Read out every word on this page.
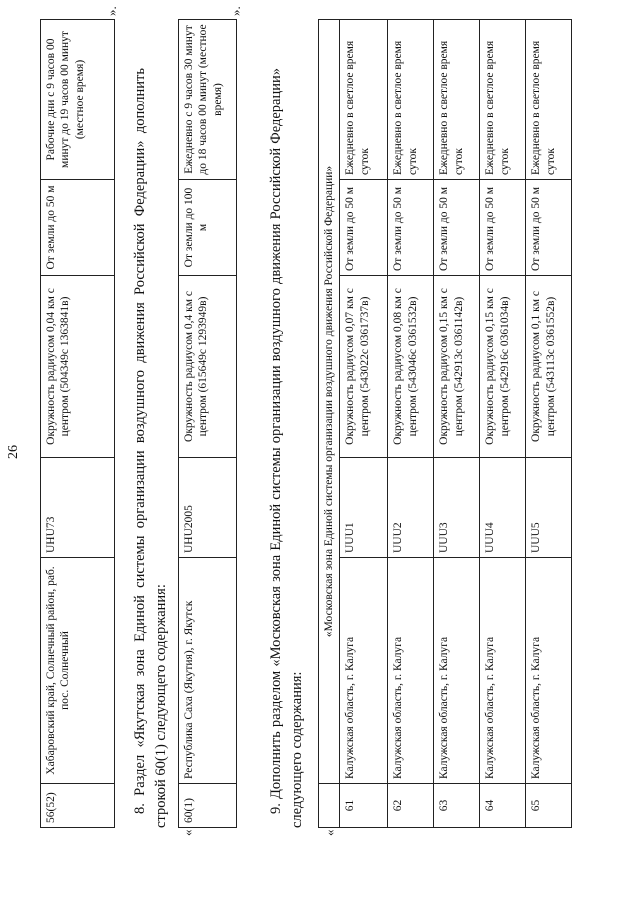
26
56(52)	Хабаровский край, Солнечный район, раб. пос. Солнечный	UHU73	Окружность радиусом 0,04 км с центром (504349с 1363841в)	От земли до 50 м	Рабочие дни с 9 часов 00 минут до 19 часов 00 минут (местное время)
».
8. Раздел «Якутская зона Единой системы организации воздушного движения Российской Федерации» дополнить строкой 60(1) следующего содержания:
«
60(1)	Республика Саха (Якутия), г. Якутск	UHU2005	Окружность радиусом 0,4 км с центром (615649с 1293949в)	От земли до 100 м	Ежедневно с 9 часов 30 минут до 18 часов 00 минут (местное время)
».
9. Дополнить разделом «Московская зона Единой системы организации воздушного движения Российской Федерации» следующего содержания:
«
	«Московская зона Единой системы организации воздушного движения Российской Федерации»				
61	Калужская область, г. Калуга	UUU1	Окружность радиусом 0,07 км с центром (543022с 0361737в)	От земли до 50 м	Ежедневно в светлое время суток
62	Калужская область, г. Калуга	UUU2	Окружность радиусом 0,08 км с центром (543046с 0361532в)	От земли до 50 м	Ежедневно в светлое время суток
63	Калужская область, г. Калуга	UUU3	Окружность радиусом 0,15 км с центром (542913с 0361142в)	От земли до 50 м	Ежедневно в светлое время суток
64	Калужская область, г. Калуга	UUU4	Окружность радиусом 0,15 км с центром (542916с 0361034в)	От земли до 50 м	Ежедневно в светлое время суток
65	Калужская область, г. Калуга	UUU5	Окружность радиусом 0,1 км с центром (543113с 0361552в)	От земли до 50 м	Ежедневно в светлое время суток
